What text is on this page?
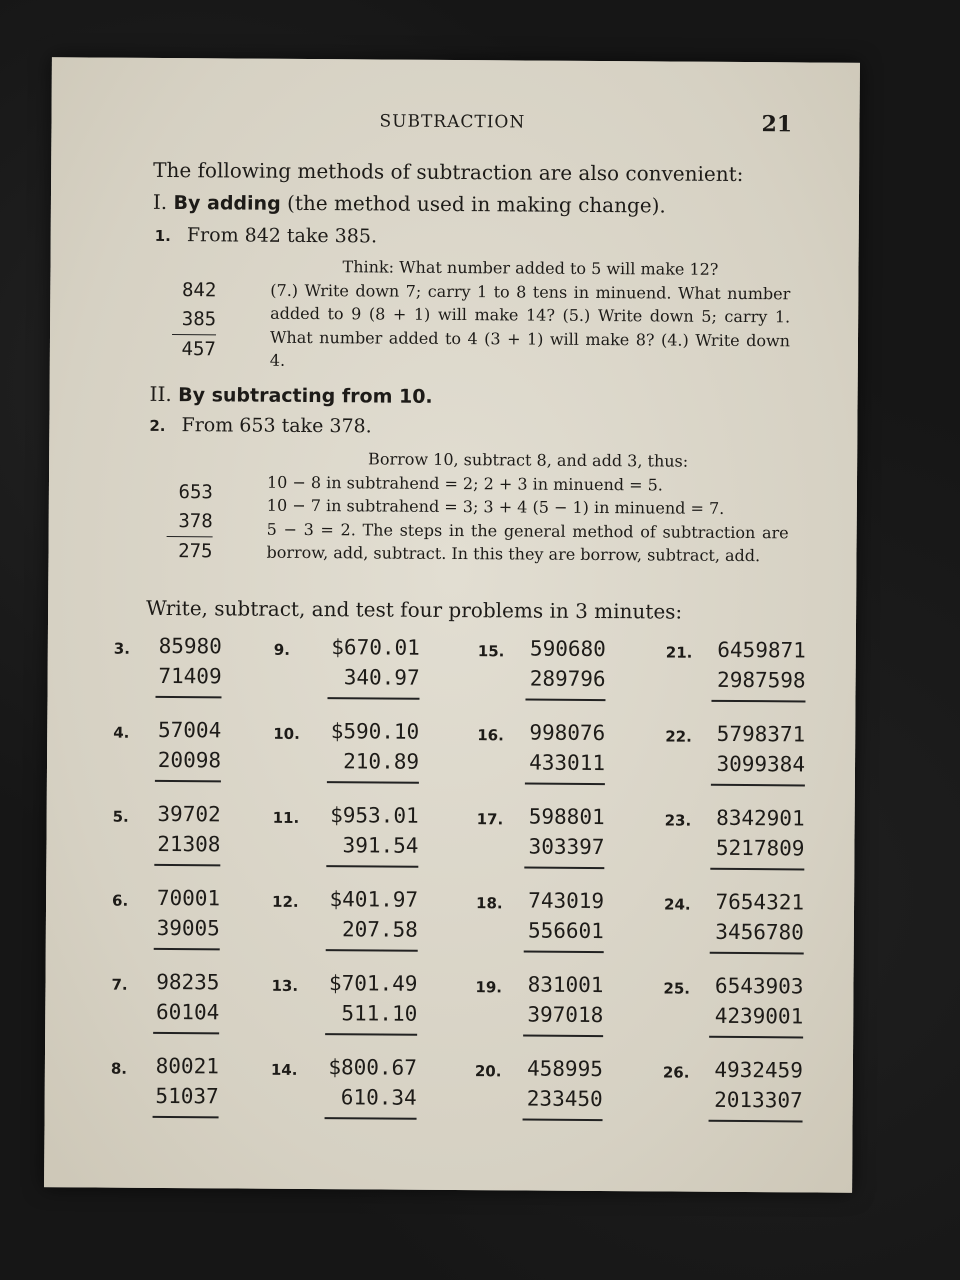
SUBTRACTION	21
The following methods of subtraction are also convenient:
I. By adding (the method used in making change).
1. From 842 take 385.
842
385
457
Think: What number added to 5 will make 12?
(7.) Write down 7; carry 1 to 8 tens in minuend. What number added to 9 (8 + 1) will make 14? (5.) Write down 5; carry 1. What number added to 4 (3 + 1) will make 8? (4.) Write down 4.
II. By subtracting from 10.
2. From 653 take 378.
653
378
275
Borrow 10, subtract 8, and add 3, thus:
10 − 8 in subtrahend = 2; 2 + 3 in minuend = 5.
10 − 7 in subtrahend = 3; 3 + 4 (5 − 1) in minuend = 7.
5 − 3 = 2. The steps in the general method of subtraction are borrow, add, subtract. In this they are borrow, subtract, add.
Write, subtract, and test four problems in 3 minutes:
3. 85980
71409
4. 57004
20098
5. 39702
21308
6. 70001
39005
7. 98235
60104
8. 80021
51037
9. $670.01
340.97
10. $590.10
210.89
11. $953.01
391.54
12. $401.97
207.58
13. $701.49
511.10
14. $800.67
610.34
15. 590680
289796
16. 998076
433011
17. 598801
303397
18. 743019
556601
19. 831001
397018
20. 458995
233450
21. 6459871
2987598
22. 5798371
3099384
23. 8342901
5217809
24. 7654321
3456780
25. 6543903
4239001
26. 4932459
2013307
